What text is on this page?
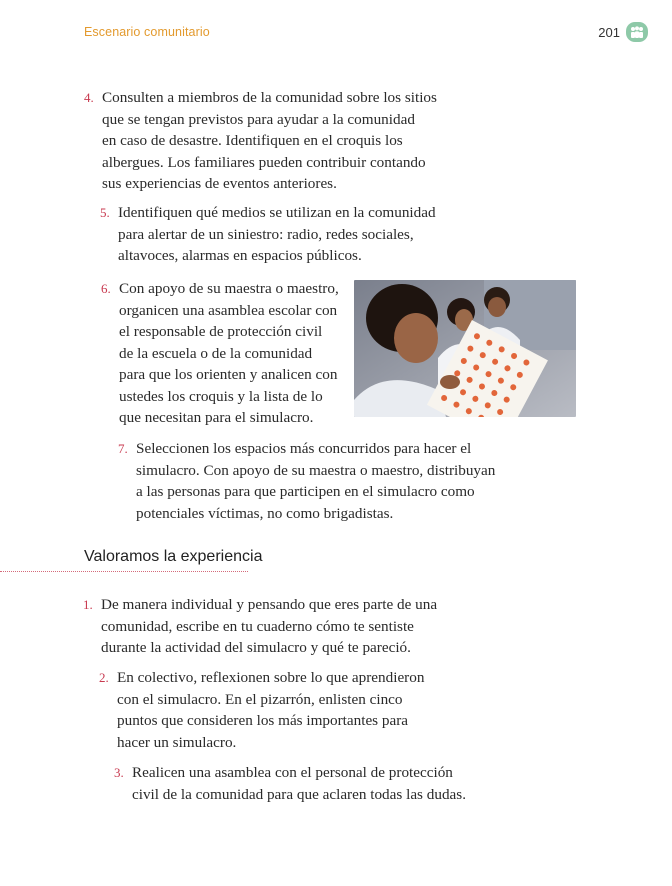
Escenario comunitario	201
4. Consulten a miembros de la comunidad sobre los sitios

que se tengan previstos para ayudar a la comunidad

en caso de desastre. Identifiquen en el croquis los

albergues. Los familiares pueden contribuir contando

sus experiencias de eventos anteriores.

5. Identifiquen qué medios se utilizan en la comunidad

para alertar de un siniestro: radio, redes sociales,

altavoces, alarmas en espacios públicos.

6. Con apoyo de su maestra o maestro,

organicen una asamblea escolar con

el responsable de protección civil

de la escuela o de la comunidad

para que los orienten y analicen con

ustedes los croquis y la lista de lo

que necesitan para el simulacro.

7. Seleccionen los espacios más concurridos para hacer el

simulacro. Con apoyo de su maestra o maestro, distribuyan

a las personas para que participen en el simulacro como

potenciales víctimas, no como brigadistas.

Valoramos la experiencia
1. De manera individual y pensando que eres parte de una

comunidad, escribe en tu cuaderno cómo te sentiste

durante la actividad del simulacro y qué te pareció.

2. En colectivo, reflexionen sobre lo que aprendieron

con el simulacro. En el pizarrón, enlisten cinco

puntos que consideren los más importantes para

hacer un simulacro.

3. Realicen una asamblea con el personal de protección

civil de la comunidad para que aclaren todas las dudas.
